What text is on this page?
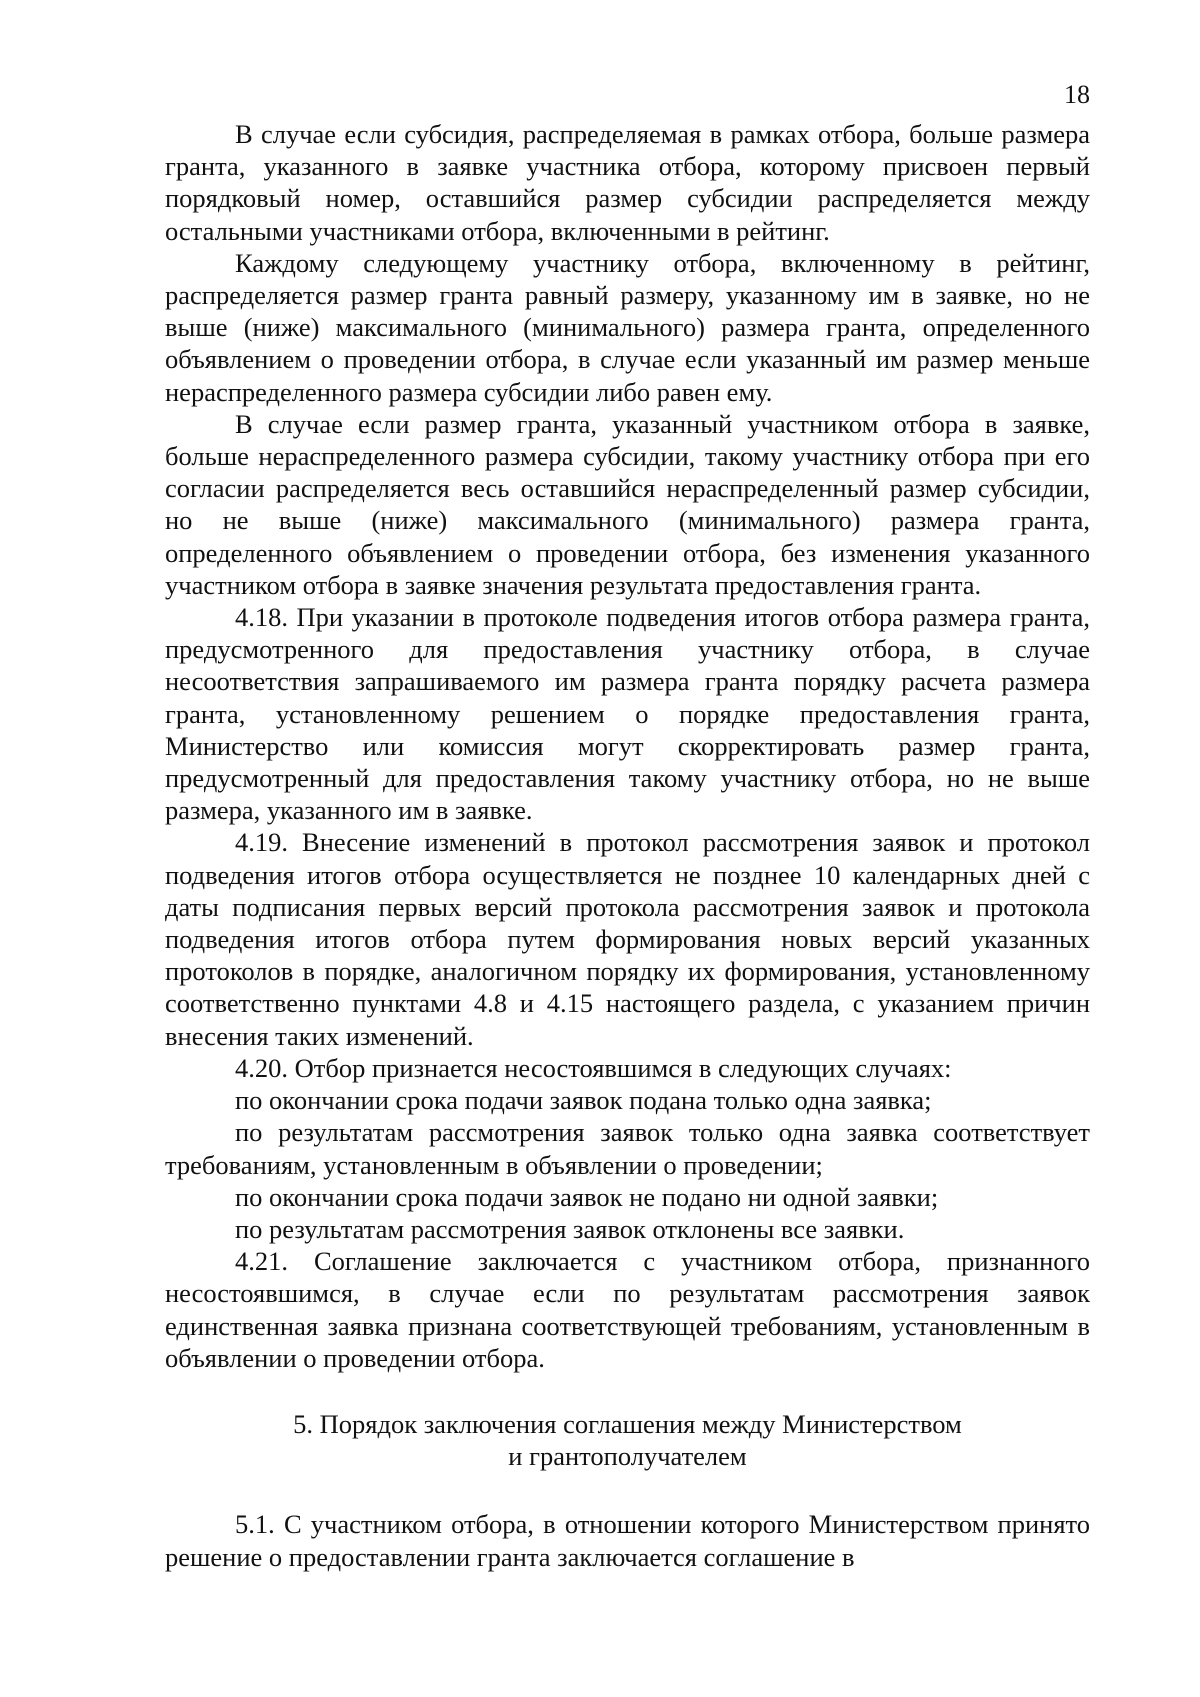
18

В случае если субсидия, распределяемая в рамках отбора, больше размера гранта, указанного в заявке участника отбора, которому присвоен первый порядковый номер, оставшийся размер субсидии распределяется между остальными участниками отбора, включенными в рейтинг.

Каждому следующему участнику отбора, включенному в рейтинг, распределяется размер гранта равный размеру, указанному им в заявке, но не выше (ниже) максимального (минимального) размера гранта, определенного объявлением о проведении отбора, в случае если указанный им размер меньше нераспределенного размера субсидии либо равен ему.

В случае если размер гранта, указанный участником отбора в заявке, больше нераспределенного размера субсидии, такому участнику отбора при его согласии распределяется весь оставшийся нераспределенный размер субсидии, но не выше (ниже) максимального (минимального) размера гранта, определенного объявлением о проведении отбора, без изменения указанного участником отбора в заявке значения результата предоставления гранта.

4.18. При указании в протоколе подведения итогов отбора размера гранта, предусмотренного для предоставления участнику отбора, в случае несоответствия запрашиваемого им размера гранта порядку расчета размера гранта, установленному решением о порядке предоставления гранта, Министерство или комиссия могут скорректировать размер гранта, предусмотренный для предоставления такому участнику отбора, но не выше размера, указанного им в заявке.

4.19. Внесение изменений в протокол рассмотрения заявок и протокол подведения итогов отбора осуществляется не позднее 10 календарных дней с даты подписания первых версий протокола рассмотрения заявок и протокола подведения итогов отбора путем формирования новых версий указанных протоколов в порядке, аналогичном порядку их формирования, установленному соответственно пунктами 4.8 и 4.15 настоящего раздела, с указанием причин внесения таких изменений.

4.20. Отбор признается несостоявшимся в следующих случаях:

по окончании срока подачи заявок подана только одна заявка;

по результатам рассмотрения заявок только одна заявка соответствует требованиям, установленным в объявлении о проведении;

по окончании срока подачи заявок не подано ни одной заявки;

по результатам рассмотрения заявок отклонены все заявки.

4.21. Соглашение заключается с участником отбора, признанного несостоявшимся, в случае если по результатам рассмотрения заявок единственная заявка признана соответствующей требованиям, установленным в объявлении о проведении отбора.

5. Порядок заключения соглашения между Министерством
и грантополучателем

5.1. С участником отбора, в отношении которого Министерством принято решение о предоставлении гранта заключается соглашение в
